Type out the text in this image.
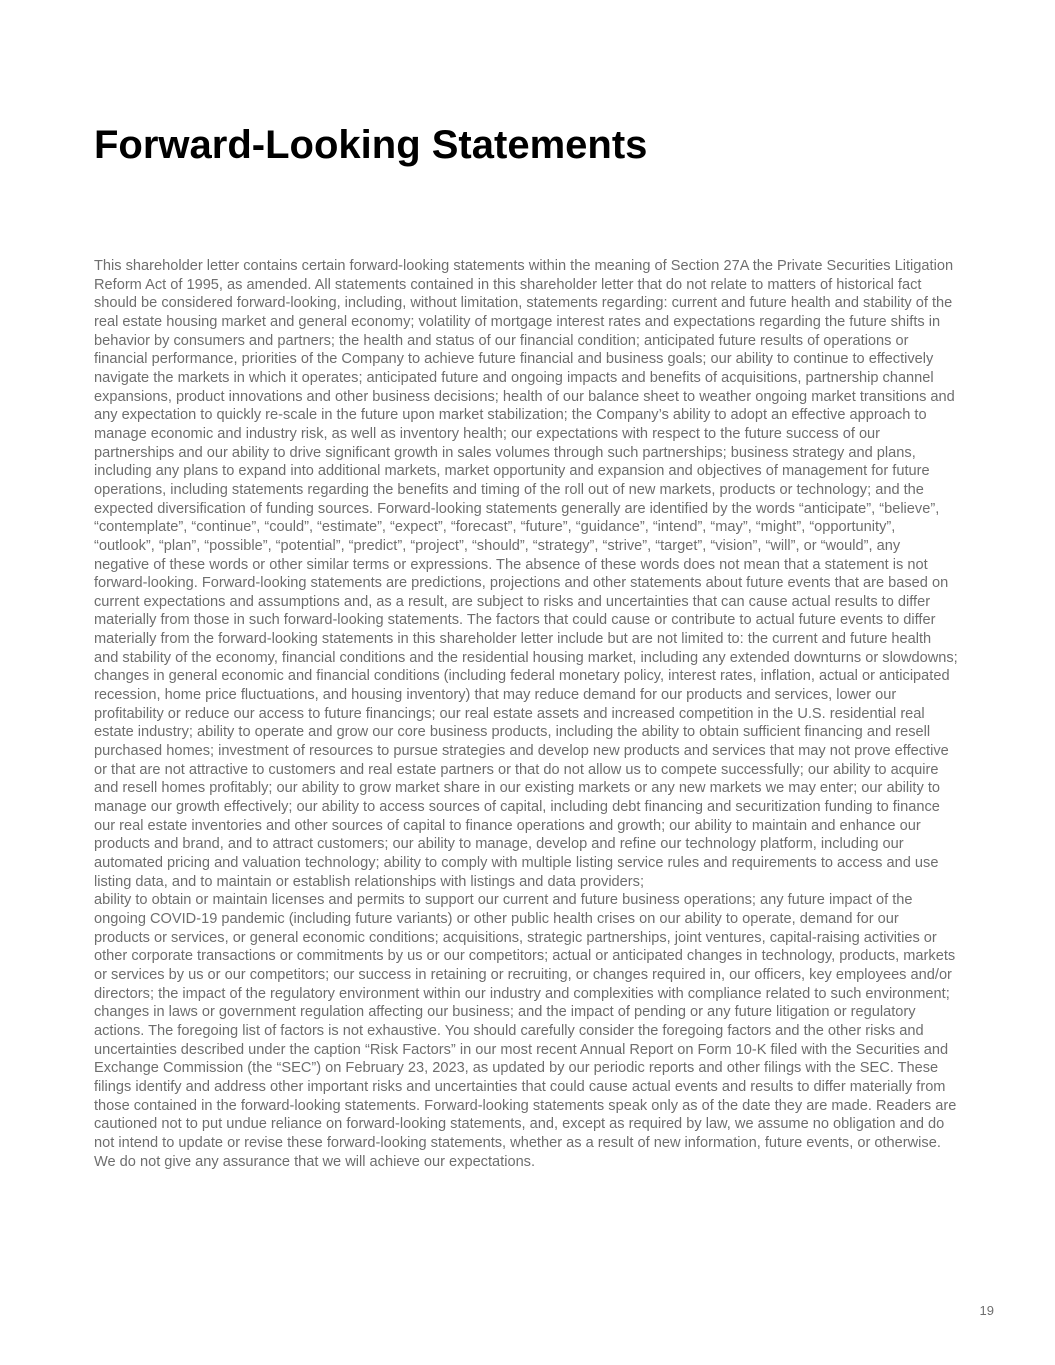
Forward-Looking Statements

This shareholder letter contains certain forward-looking statements within the meaning of Section 27A the Private Securities Litigation Reform Act of 1995, as amended. All statements contained in this shareholder letter that do not relate to matters of historical fact should be considered forward-looking, including, without limitation, statements regarding: current and future health and stability of the real estate housing market and general economy; volatility of mortgage interest rates and expectations regarding the future shifts in behavior by consumers and partners; the health and status of our financial condition; anticipated future results of operations or financial performance, priorities of the Company to achieve future financial and business goals; our ability to continue to effectively navigate the markets in which it operates; anticipated future and ongoing impacts and benefits of acquisitions, partnership channel expansions, product innovations and other business decisions; health of our balance sheet to weather ongoing market transitions and any expectation to quickly re-scale in the future upon market stabilization; the Company’s ability to adopt an effective approach to manage economic and industry risk, as well as inventory health; our expectations with respect to the future success of our partnerships and our ability to drive significant growth in sales volumes through such partnerships; business strategy and plans, including any plans to expand into additional markets, market opportunity and expansion and objectives of management for future operations, including statements regarding the benefits and timing of the roll out of new markets, products or technology; and the expected diversification of funding sources. Forward-looking statements generally are identified by the words “anticipate”, “believe”, “contemplate”, “continue”, “could”, “estimate”, “expect”, “forecast”, “future”, “guidance”, “intend”, “may”, “might”, “opportunity”, “outlook”, “plan”, “possible”, “potential”, “predict”, “project”, “should”, “strategy”, “strive”, “target”, “vision”, “will”, or “would”, any negative of these words or other similar terms or expressions. The absence of these words does not mean that a statement is not forward-looking. Forward-looking statements are predictions, projections and other statements about future events that are based on current expectations and assumptions and, as a result, are subject to risks and uncertainties that can cause actual results to differ materially from those in such forward-looking statements. The factors that could cause or contribute to actual future events to differ materially from the forward-looking statements in this shareholder letter include but are not limited to: the current and future health and stability of the economy, financial conditions and the residential housing market, including any extended downturns or slowdowns; changes in general economic and financial conditions (including federal monetary policy, interest rates, inflation, actual or anticipated recession, home price fluctuations, and housing inventory) that may reduce demand for our products and services, lower our profitability or reduce our access to future financings; our real estate assets and increased competition in the U.S. residential real estate industry; ability to operate and grow our core business products, including the ability to obtain sufficient financing and resell purchased homes; investment of resources to pursue strategies and develop new products and services that may not prove effective or that are not attractive to customers and real estate partners or that do not allow us to compete successfully; our ability to acquire and resell homes profitably; our ability to grow market share in our existing markets or any new markets we may enter; our ability to manage our growth effectively; our ability to access sources of capital, including debt financing and securitization funding to finance our real estate inventories and other sources of capital to finance operations and growth; our ability to maintain and enhance our products and brand, and to attract customers; our ability to manage, develop and refine our technology platform, including our automated pricing and valuation technology; ability to comply with multiple listing service rules and requirements to access and use listing data, and to maintain or establish relationships with listings and data providers;

ability to obtain or maintain licenses and permits to support our current and future business operations; any future impact of the ongoing COVID-19 pandemic (including future variants) or other public health crises on our ability to operate, demand for our products or services, or general economic conditions; acquisitions, strategic partnerships, joint ventures, capital-raising activities or other corporate transactions or commitments by us or our competitors; actual or anticipated changes in technology, products, markets or services by us or our competitors; our success in retaining or recruiting, or changes required in, our officers, key employees and/or directors; the impact of the regulatory environment within our industry and complexities with compliance related to such environment; changes in laws or government regulation affecting our business; and the impact of pending or any future litigation or regulatory actions. The foregoing list of factors is not exhaustive. You should carefully consider the foregoing factors and the other risks and uncertainties described under the caption “Risk Factors” in our most recent Annual Report on Form 10-K filed with the Securities and Exchange Commission (the “SEC”) on February 23, 2023, as updated by our periodic reports and other filings with the SEC. These filings identify and address other important risks and uncertainties that could cause actual events and results to differ materially from those contained in the forward-looking statements. Forward-looking statements speak only as of the date they are made. Readers are cautioned not to put undue reliance on forward-looking statements, and, except as required by law, we assume no obligation and do not intend to update or revise these forward-looking statements, whether as a result of new information, future events, or otherwise. We do not give any assurance that we will achieve our expectations.

19
